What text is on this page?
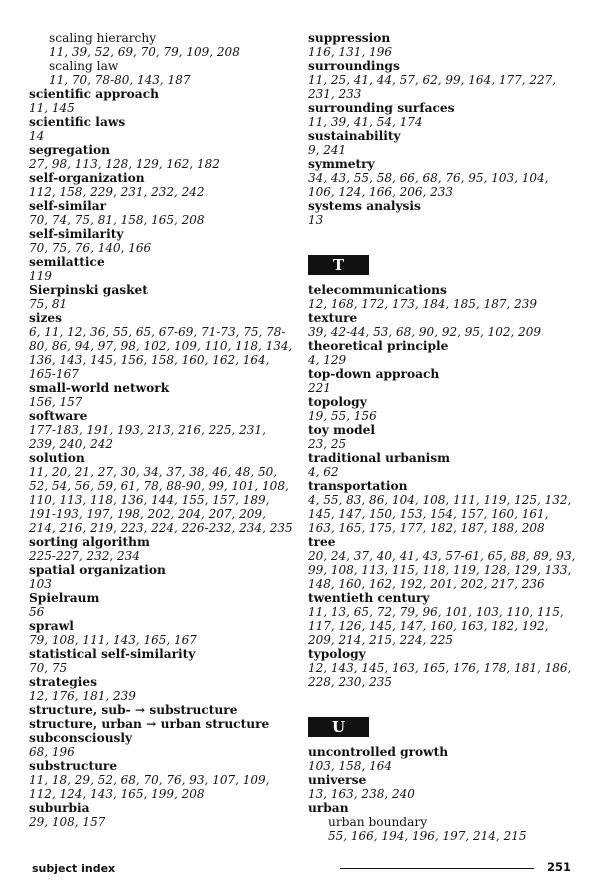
scaling hierarchy
11, 39, 52, 69, 70, 79, 109, 208
scaling law
11, 70, 78-80, 143, 187
scientific approach
11, 145
scientific laws
14
segregation
27, 98, 113, 128, 129, 162, 182
self-organization
112, 158, 229, 231, 232, 242
self-similar
70, 74, 75, 81, 158, 165, 208
self-similarity
70, 75, 76, 140, 166
semilattice
119
Sierpinski gasket
75, 81
sizes
6, 11, 12, 36, 55, 65, 67-69, 71-73, 75, 78-80, 86, 94, 97, 98, 102, 109, 110, 118, 134, 136, 143, 145, 156, 158, 160, 162, 164, 165-167
small-world network
156, 157
software
177-183, 191, 193, 213, 216, 225, 231, 239, 240, 242
solution
11, 20, 21, 27, 30, 34, 37, 38, 46, 48, 50, 52, 54, 56, 59, 61, 78, 88-90, 99, 101, 108, 110, 113, 118, 136, 144, 155, 157, 189, 191-193, 197, 198, 202, 204, 207, 209, 214, 216, 219, 223, 224, 226-232, 234, 235
sorting algorithm
225-227, 232, 234
spatial organization
103
Spielraum
56
sprawl
79, 108, 111, 143, 165, 167
statistical self-similarity
70, 75
strategies
12, 176, 181, 239
structure, sub- → substructure
structure, urban → urban structure
subconsciously
68, 196
substructure
11, 18, 29, 52, 68, 70, 76, 93, 107, 109, 112, 124, 143, 165, 199, 208
suburbia
29, 108, 157
suppression
116, 131, 196
surroundings
11, 25, 41, 44, 57, 62, 99, 164, 177, 227, 231, 233
surrounding surfaces
11, 39, 41, 54, 174
sustainability
9, 241
symmetry
34, 43, 55, 58, 66, 68, 76, 95, 103, 104, 106, 124, 166, 206, 233
systems analysis
13
T
telecommunications
12, 168, 172, 173, 184, 185, 187, 239
texture
39, 42-44, 53, 68, 90, 92, 95, 102, 209
theoretical principle
4, 129
top-down approach
221
topology
19, 55, 156
toy model
23, 25
traditional urbanism
4, 62
transportation
4, 55, 83, 86, 104, 108, 111, 119, 125, 132, 145, 147, 150, 153, 154, 157, 160, 161, 163, 165, 175, 177, 182, 187, 188, 208
tree
20, 24, 37, 40, 41, 43, 57-61, 65, 88, 89, 93, 99, 108, 113, 115, 118, 119, 128, 129, 133, 148, 160, 162, 192, 201, 202, 217, 236
twentieth century
11, 13, 65, 72, 79, 96, 101, 103, 110, 115, 117, 126, 145, 147, 160, 163, 182, 192, 209, 214, 215, 224, 225
typology
12, 143, 145, 163, 165, 176, 178, 181, 186, 228, 230, 235
U
uncontrolled growth
103, 158, 164
universe
13, 163, 238, 240
urban
urban boundary
55, 166, 194, 196, 197, 214, 215
subject index	251
